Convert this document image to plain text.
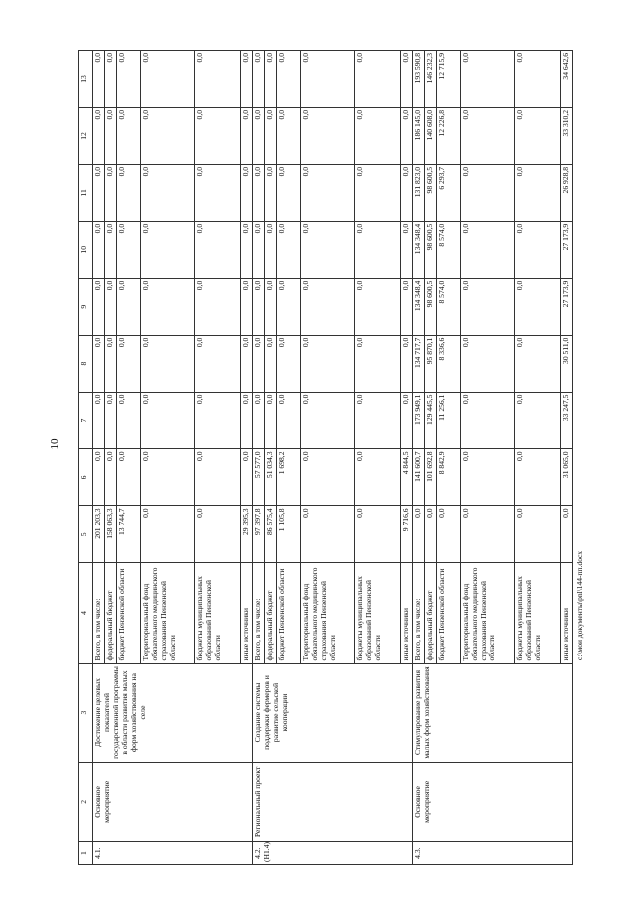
10
c:\мои документы\pnl\144-пп.docx
1	2	3	4	5	6	7	8	9	10	11	12	13
4.1.	Основное мероприятие	Достижение целевых показателей государственной программы в области развития малых форм хозяйствования на селе	Всего, в том числе:	201 203,3	0,0	0,0	0,0	0,0	0,0	0,0	0,0	0,0
			федеральный бюджет	158 063,3	0,0	0,0	0,0	0,0	0,0	0,0	0,0	0,0
			бюджет Пензенской области	13 744,7	0,0	0,0	0,0	0,0	0,0	0,0	0,0	0,0
			Территориальный фонд обязательного медицинского страхования Пензенской области	0,0	0,0	0,0	0,0	0,0	0,0	0,0	0,0	0,0
			бюджеты муниципальных образований Пензенской области	0,0	0,0	0,0	0,0	0,0	0,0	0,0	0,0	0,0
			иные источники	29 395,3	0,0	0,0	0,0	0,0	0,0	0,0	0,0	0,0
4.2. (Н1.4)	Региональный проект	Создание системы поддержки фермеров и развитие сельской кооперации	Всего, в том числе:	97 397,8	57 577,0	0,0	0,0	0,0	0,0	0,0	0,0	0,0
			федеральный бюджет	86 575,4	51 034,3	0,0	0,0	0,0	0,0	0,0	0,0	0,0
			бюджет Пензенской области	1 105,8	1 698,2	0,0	0,0	0,0	0,0	0,0	0,0	0,0
			Территориальный фонд обязательного медицинского страхования Пензенской области	0,0	0,0	0,0	0,0	0,0	0,0	0,0	0,0	0,0
			бюджеты муниципальных образований Пензенской области	0,0	0,0	0,0	0,0	0,0	0,0	0,0	0,0	0,0
			иные источники	9 716,6	4 844,5	0,0	0,0	0,0	0,0	0,0	0,0	0,0
4.3.	Основное мероприятие	Стимулирование развития малых форм хозяйствования	Всего, в том числе:	0,0	141 600,7	173 949,1	134 717,7	134 348,4	134 348,4	131 823,0	186 145,0	193 590,8
			федеральный бюджет	0,0	101 692,8	129 445,5	95 870,1	98 600,5	98 600,5	98 600,5	140 608,0	146 232,3
			бюджет Пензенской области	0,0	8 842,9	11 256,1	8 336,6	8 574,0	8 574,0	6 293,7	12 226,8	12 715,9
			Территориальный фонд обязательного медицинского страхования Пензенской области	0,0	0,0	0,0	0,0	0,0	0,0	0,0	0,0	0,0
			бюджеты муниципальных образований Пензенской области	0,0	0,0	0,0	0,0	0,0	0,0	0,0	0,0	0,0
			иные источники	0,0	31 065,0	33 247,5	30 511,0	27 173,9	27 173,9	26 928,8	33 310,2	34 642,6
